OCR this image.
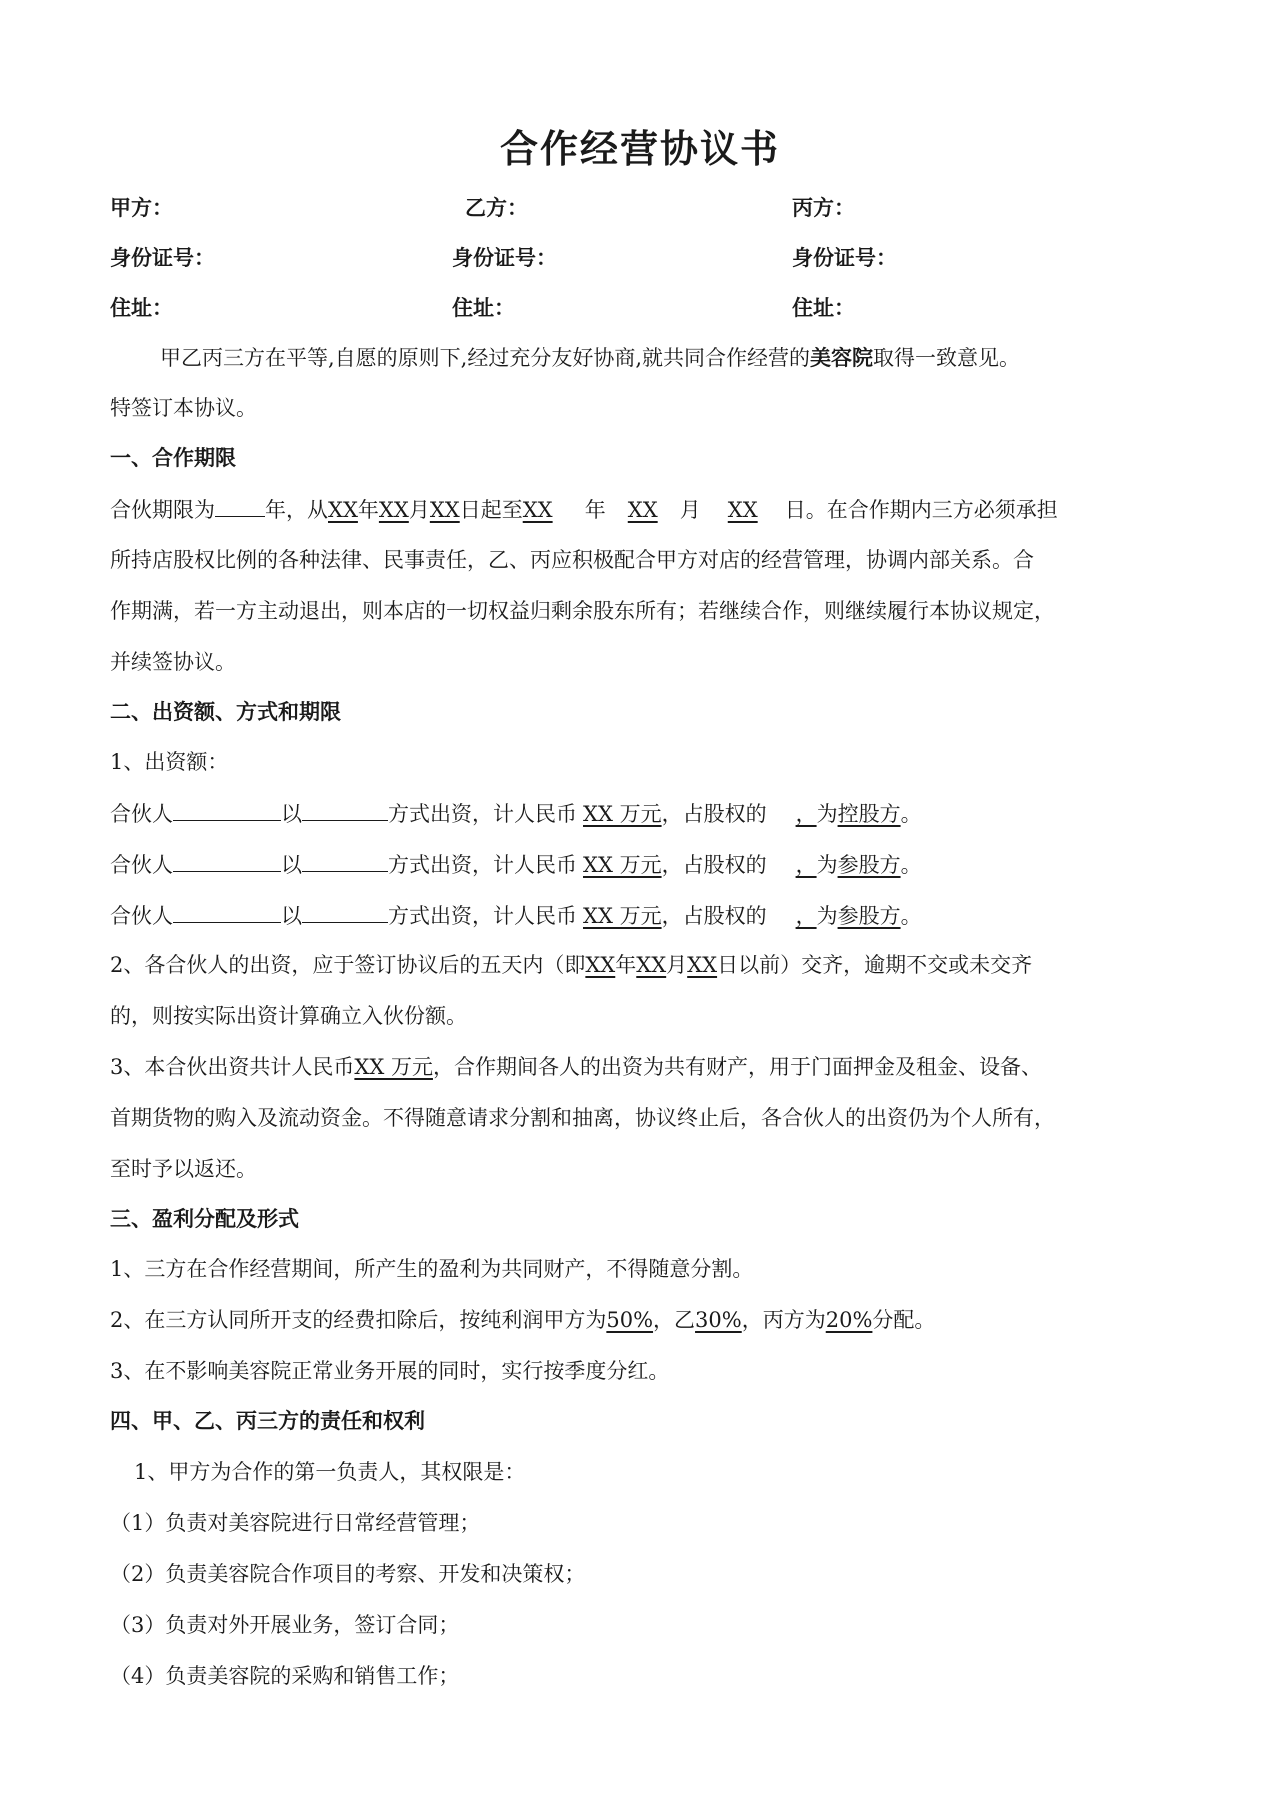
合作经营协议书
甲方：	乙方：	丙方：
身份证号：	身份证号：	身份证号：
住址：	住址：	住址：
甲乙丙三方在平等,自愿的原则下,经过充分友好协商,就共同合作经营的美容院取得一致意见。
特签订本协议。
一、合作期限
合伙期限为 年，从XX年XX月XX日起至XX 年 XX 月 XX 日。在合作期内三方必须承担
所持店股权比例的各种法律、民事责任，乙、丙应积极配合甲方对店的经营管理，协调内部关系。合
作期满，若一方主动退出，则本店的一切权益归剩余股东所有；若继续合作，则继续履行本协议规定，
并续签协议。
二、出资额、方式和期限
1、出资额：
合伙人	以	方式出资，计人民币 XX 万元，占股权的 ，为控股方。
合伙人	以	方式出资，计人民币 XX 万元，占股权的 ，为参股方。
合伙人	以	方式出资，计人民币 XX 万元，占股权的 ，为参股方。
2、各合伙人的出资，应于签订协议后的五天内（即XX年XX月XX日以前）交齐，逾期不交或未交齐
的，则按实际出资计算确立入伙份额。
3、本合伙出资共计人民币XX 万元，合作期间各人的出资为共有财产，用于门面押金及租金、设备、
首期货物的购入及流动资金。不得随意请求分割和抽离，协议终止后，各合伙人的出资仍为个人所有，
至时予以返还。
三、盈利分配及形式
1、三方在合作经营期间，所产生的盈利为共同财产，不得随意分割。
2、在三方认同所开支的经费扣除后，按纯利润甲方为50%，乙30%，丙方为20%分配。
3、在不影响美容院正常业务开展的同时，实行按季度分红。
四、甲、乙、丙三方的责任和权利
1、甲方为合作的第一负责人，其权限是：
（1）负责对美容院进行日常经营管理；
（2）负责美容院合作项目的考察、开发和决策权；
（3）负责对外开展业务，签订合同；
（4）负责美容院的采购和销售工作；
